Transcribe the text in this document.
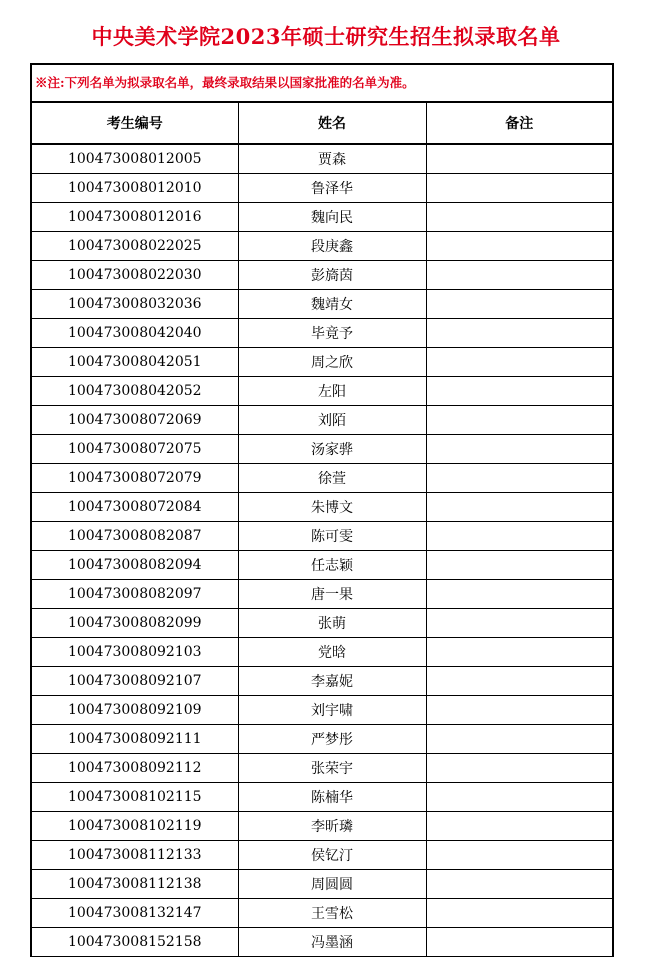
中央美术学院2023年硕士研究生招生拟录取名单
※注:下列名单为拟录取名单，最终录取结果以国家批准的名单为准。
考生编号	姓名	备注
100473008012005	贾森	
100473008012010	鲁泽华	
100473008012016	魏向民	
100473008022025	段庚鑫	
100473008022030	彭旖茵	
100473008032036	魏靖女	
100473008042040	毕竟予	
100473008042051	周之欣	
100473008042052	左阳	
100473008072069	刘陌	
100473008072075	汤家骅	
100473008072079	徐萱	
100473008072084	朱博文	
100473008082087	陈可雯	
100473008082094	任志颖	
100473008082097	唐一果	
100473008082099	张萌	
100473008092103	党晗	
100473008092107	李嘉妮	
100473008092109	刘宇啸	
100473008092111	严梦彤	
100473008092112	张荣宇	
100473008102115	陈楠华	
100473008102119	李昕璘	
100473008112133	侯钇汀	
100473008112138	周圆圆	
100473008132147	王雪松	
100473008152158	冯墨涵	
